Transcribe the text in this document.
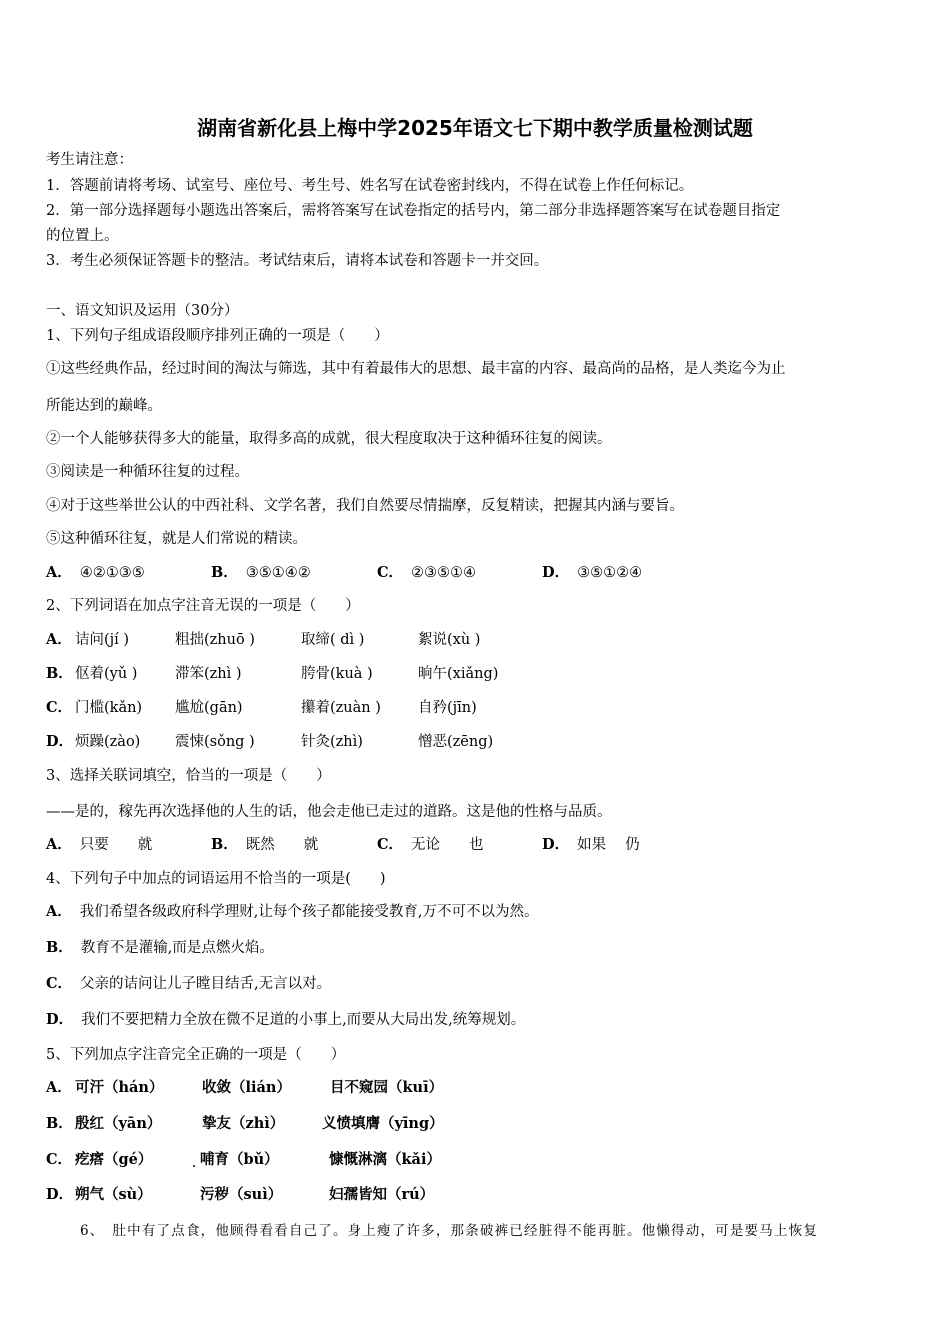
湖南省新化县上梅中学2025年语文七下期中教学质量检测试题
考生请注意：
1．答题前请将考场、试室号、座位号、考生号、姓名写在试卷密封线内，不得在试卷上作任何标记。
2．第一部分选择题每小题选出答案后，需将答案写在试卷指定的括号内，第二部分非选择题答案写在试卷题目指定
的位置上。
3．考生必须保证答题卡的整洁。考试结束后，请将本试卷和答题卡一并交回。
一、语文知识及运用（30分）
1、下列句子组成语段顺序排列正确的一项是（　　）
①这些经典作品，经过时间的淘汰与筛选，其中有着最伟大的思想、最丰富的内容、最高尚的品格，是人类迄今为止
所能达到的巅峰。
②一个人能够获得多大的能量，取得多高的成就，很大程度取决于这种循环往复的阅读。
③阅读是一种循环往复的过程。
④对于这些举世公认的中西社科、文学名著，我们自然要尽情揣摩，反复精读，把握其内涵与要旨。
⑤这种循环往复，就是人们常说的精读。
A． ④②①③⑤	B． ③⑤①④②	C． ②③⑤①④	D． ③⑤①②④
2、下列词语在加点字注音无误的一项是（　　）
A． 诘问(jí )	粗拙(zhuō )	取缔( dì )	絮说(xù )
B． 伛着(yǔ )	滞笨(zhì )	胯骨(kuà )	晌午(xiǎng)
C． 门槛(kǎn) 尴尬(gān)	攥着(zuàn )	自矜(jīn)
D． 烦躁(zào) 震悚(sǒng )	针灸(zhì)	憎恶(zēng)
3、选择关联词填空，恰当的一项是（　　）
——是的，稼先再次选择他的人生的话，他会走他已走过的道路。这是他的性格与品质。
A． 只要　　就	B． 既然　　就	C． 无论　　也	D． 如果　 仍
4、下列句子中加点的词语运用不恰当的一项是(　　)
A． 我们希望各级政府科学理财,让每个孩子都能接受教育,万不可不以为然。
B． 教育不是灌输,而是点燃火焰。
C． 父亲的诘问让儿子瞠目结舌,无言以对。
D． 我们不要把精力全放在微不足道的小事上,而要从大局出发,统筹规划。
5、下列加点字注音完全正确的一项是（　　）
A． 可汗（hán）	收敛（lián）	目不窥园（kuī）
B． 殷红（yān）	挚友（zhì）	义愤填膺（yīng）
C． 疙瘩（gé）	哺育（bǔ）	慷慨淋漓（kǎi）
D． 朔气（sù）	污秽（suì）	妇孺皆知（rú）
6、　肚中有了点食，他顾得看看自己了。身上瘦了许多，那条破裤已经脏得不能再脏。他懒得动，可是要马上恢复
